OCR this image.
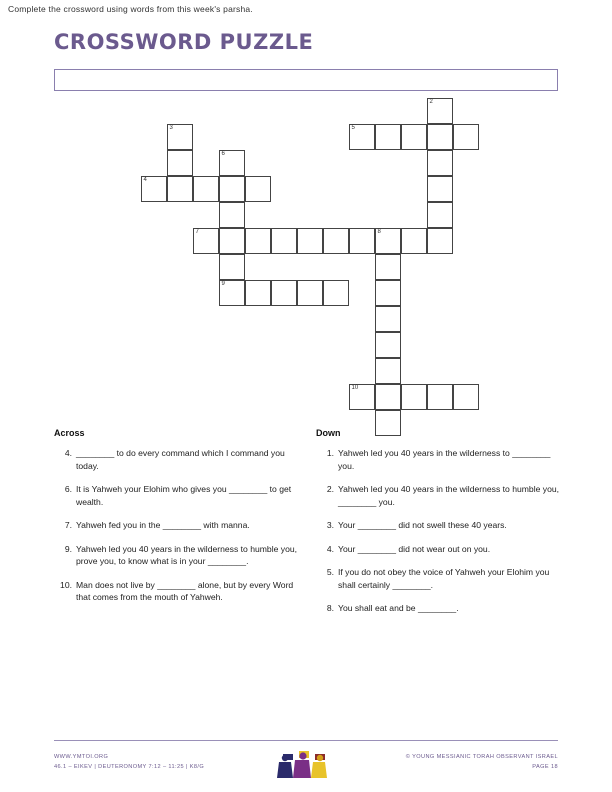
CROSSWORD PUZZLE
Complete the crossword using words from this week's parsha.
2
3	5
6
4
7	8
9
10
Across	Down
4. ________ to do every command which I command you today.
6. It is Yahweh your Elohim who gives you ________ to get wealth.
7. Yahweh fed you in the ________ with manna.
9. Yahweh led you 40 years in the wilderness to humble you, prove you, to know what is in your ________.
10. Man does not live by ________ alone, but by every Word that comes from the mouth of Yahweh.
1. Yahweh led you 40 years in the wilderness to ________ you.
2. Yahweh led you 40 years in the wilderness to humble you, ________ you.
3. Your ________ did not swell these 40 years.
4. Your ________ did not wear out on you.
5. If you do not obey the voice of Yahweh your Elohim you shall certainly ________.
8. You shall eat and be ________.
WWW.YMTOI.ORG
46.1 – EIKEV | DEUTERONOMY 7:12 – 11:25 | K8/G
© YOUNG MESSIANIC TORAH OBSERVANT ISRAEL
PAGE 18
